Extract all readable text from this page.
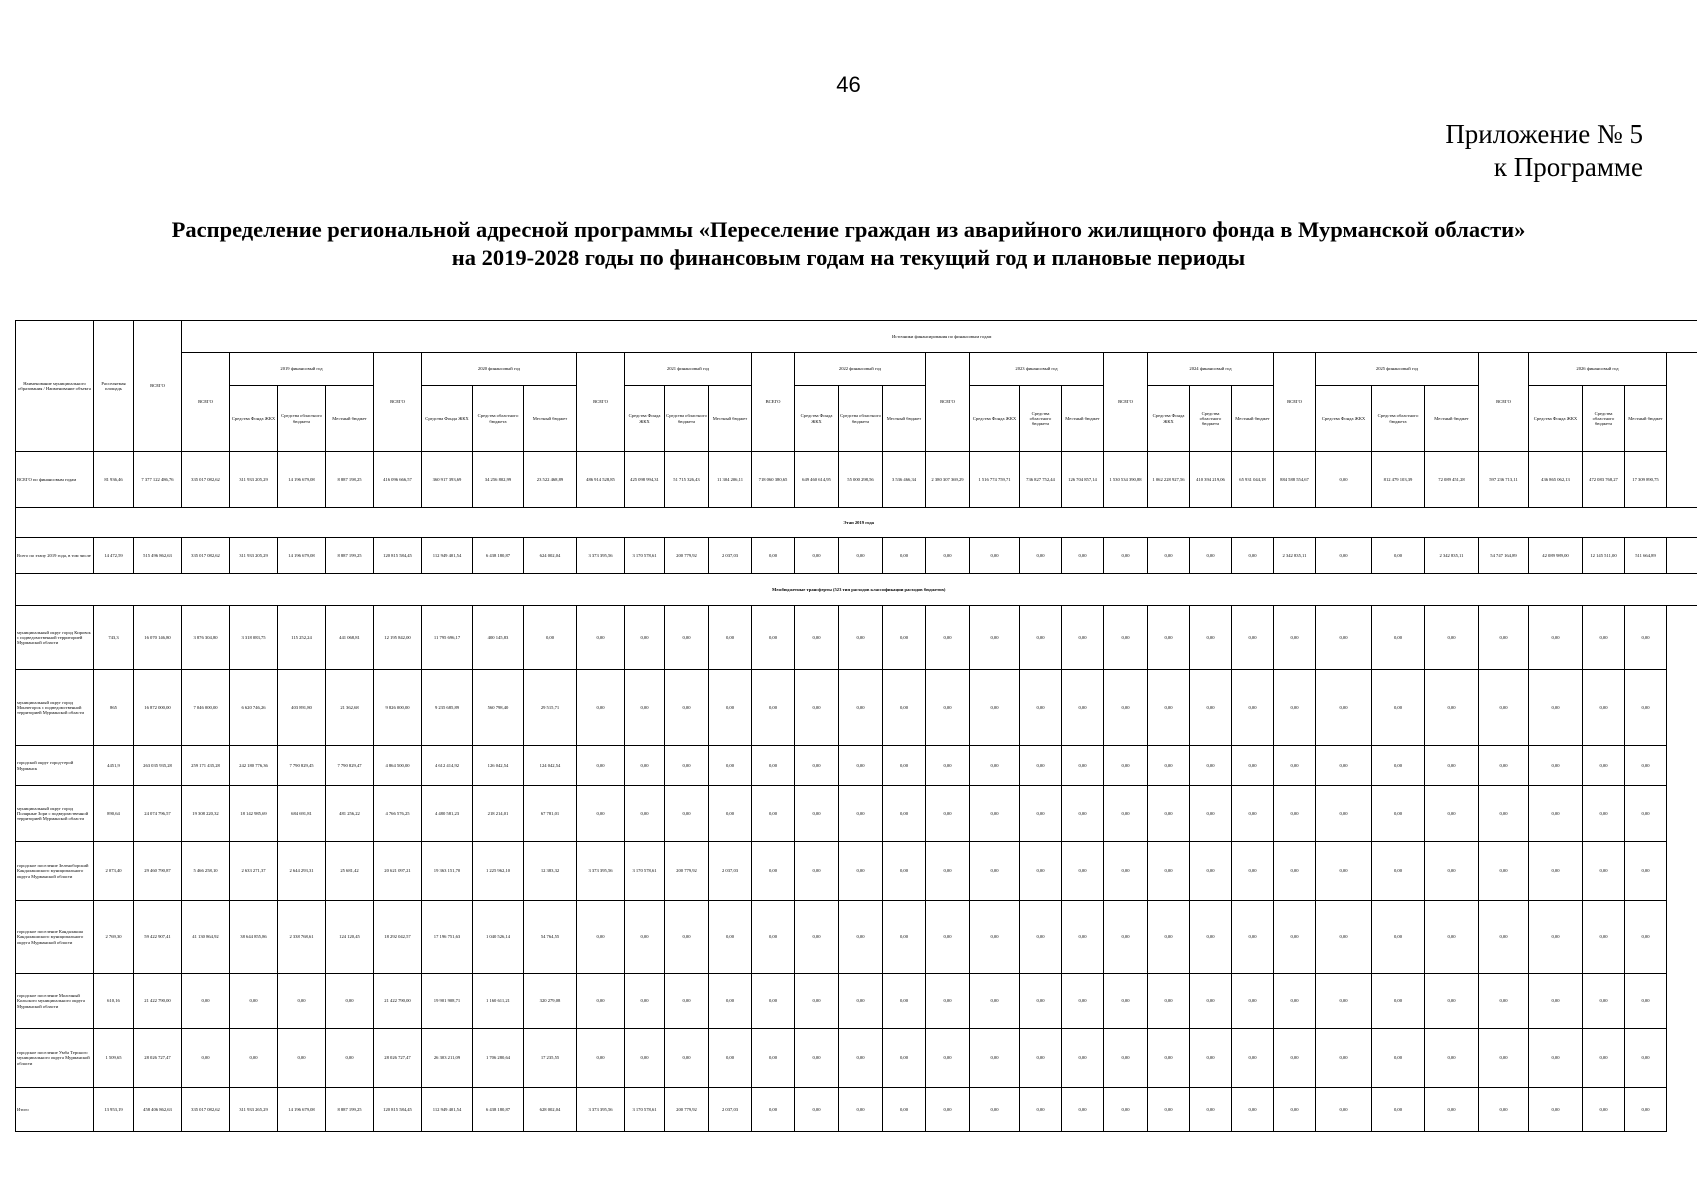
46
Приложение № 5
к Программе
Распределение региональной адресной программы «Переселение граждан из аварийного жилищного фонда в Мурманской области»
на 2019-2028 годы по финансовым годам на текущий год и плановые периоды
Наименование муниципального образования / Наименование объекта	Расселяемая площадь	ВСЕГО	Источники финансирования по финансовым годам																															
			ВСЕГО	2019 финансовый год			ВСЕГО	2020 финансовый год			ВСЕГО	2021 финансовый год			ВСЕГО	2022 финансовый год			ВСЕГО	2023 финансовый год			ВСЕГО	2024 финансовый год			ВСЕГО	2025 финансовый год			ВСЕГО	2026 финансовый год		
				Средства Фонда ЖКХ	Средства областного бюджета	Местный бюджет		Средства Фонда ЖКХ	Средства областного бюджета	Местный бюджет		Средства Фонда ЖКХ	Средства областного бюджета	Местный бюджет		Средства Фонда ЖКХ	Средства областного бюджета	Местный бюджет		Средства Фонда ЖКХ	Средства областного бюджета	Местный бюджет		Средства Фонда ЖКХ	Средства областного бюджета	Местный бюджет		Средства Фонда ЖКХ	Средства областного бюджета	Местный бюджет		Средства Фонда ЖКХ	Средства областного бюджета	Местный бюджет
ВСЕГО по финансовым годам	81 936,46	7 377 122 486,76	335 017 082,62	311 933 205,29	14 196 679,08	8 887 198,25	416 096 666,57	360 917 393,69	34 256 802,99	23 522 468,89	486 914 528,85	425 098 994,31	51 715 326,43	11 304 206,11	718 060 380,65	649 460 614,95	55 000 298,56	3 536 466,34	2 380 307 369,29	1 516 774 759,71	736 827 752,44	126 704 857,14	1 530 534 390,88	1 062 228 927,56	410 394 219,06	65 931 044,18	884 588 554,67	0,00	812 479 103,39	72 089 451,28	597 236 713,11	436 865 062,13	472 083 768,27	17 309 890,75
Этап 2019 года																																		
Всего по этапу 2019 года, в том числе	14 472,59	515 496 862,63	335 017 082,62	311 933 205,29	14 196 679,08	8 887 199,25	120 815 584,45	112 949 401,54	6 438 180,87	624 002,04	3 373 395,56	3 170 578,61	200 779,92	2 037,03	0,00	0,00	0,00	0,00	0,00	0,00	0,00	0,00	0,00	0,00	0,00	0,00	2 342 835,11	0,00	0,00	2 342 835,11	54 747 164,89	42 089 989,00	12 145 511,00	511 664,89
Межбюджетные трансферты (523 тип расходов классификации расходов бюджетов)																																		
муниципальный округ город Кировск с подведомственной территорией Мурманской области	743,3	16 070 146,80	3 876 304,80	3 318 083,75	115 252,24	441 068,81	12 195 842,00	11 795 696,17	400 145,83	0,00	0,00	0,00	0,00	0,00	0,00	0,00	0,00	0,00	0,00	0,00	0,00	0,00	0,00	0,00	0,00	0,00	0,00	0,00	0,00	0,00	0,00	0,00	0,00	0,00
муниципальный округ город Мончегорск с подведомственной территорией Мурманской области	865	16 872 000,00	7 046 000,00	6 620 746,26	403 891,80	21 362,68	9 826 000,00	9 235 685,89	560 798,40	29 515,71	0,00	0,00	0,00	0,00	0,00	0,00	0,00	0,00	0,00	0,00	0,00	0,00	0,00	0,00	0,00	0,00	0,00	0,00	0,00	0,00	0,00	0,00	0,00	0,00
городской округ город-герой Мурманск	4451,9	263 035 935,28	259 171 435,28	242 180 776,36	7 790 829,45	7 790 829,47	4 864 500,00	4 612 414,92	126 042,54	124 042,54	0,00	0,00	0,00	0,00	0,00	0,00	0,00	0,00	0,00	0,00	0,00	0,00	0,00	0,00	0,00	0,00	0,00	0,00	0,00	0,00	0,00	0,00	0,00	0,00
муниципальный округ город Полярные Зори с подведомственной территорией Мурманской области	890,64	24 074 796,57	19 308 220,32	18 142 985,69	684 691,81	481 256,22	4 766 576,25	4 480 581,23	218 214,01	67 781,01	0,00	0,00	0,00	0,00	0,00	0,00	0,00	0,00	0,00	0,00	0,00	0,00	0,00	0,00	0,00	0,00	0,00	0,00	0,00	0,00	0,00	0,00	0,00	0,00
городское поселение Зеленоборский Кандалакшского муниципального округа Мурманской области	2 073,40	29 460 790,87	5 466 258,10	2 633 271,37	2 644 293,31	25 681,42	20 621 097,21	19 363 151,70	1 225 962,10	12 383,32	3 373 395,56	3 170 578,61	200 779,92	2 037,03	0,00	0,00	0,00	0,00	0,00	0,00	0,00	0,00	0,00	0,00	0,00	0,00	0,00	0,00	0,00	0,00	0,00	0,00	0,00	0,00
городское поселение Кандалакша Кандалакшского муниципального округа Мурманской области	2 769,30	59 422 907,41	41 130 864,92	38 644 855,86	2 338 768,61	124 120,45	18 292 042,57	17 196 751,63	1 040 526,14	54 764,55	0,00	0,00	0,00	0,00	0,00	0,00	0,00	0,00	0,00	0,00	0,00	0,00	0,00	0,00	0,00	0,00	0,00	0,00	0,00	0,00	0,00	0,00	0,00	0,00
городское поселение Молочный Кольского муниципального округа Мурманской области	610,16	21 422 790,00	0,00	0,00	0,00	0,00	21 422 790,00	19 901 908,71	1 160 611,21	320 279,08	0,00	0,00	0,00	0,00	0,00	0,00	0,00	0,00	0,00	0,00	0,00	0,00	0,00	0,00	0,00	0,00	0,00	0,00	0,00	0,00	0,00	0,00	0,00	0,00
городское поселение Умба Терского муниципального округа Мурманской области	1 509,65	28 026 727,47	0,00	0,00	0,00	0,00	28 026 727,47	26 303 211,09	1 706 280,64	17 235,55	0,00	0,00	0,00	0,00	0,00	0,00	0,00	0,00	0,00	0,00	0,00	0,00	0,00	0,00	0,00	0,00	0,00	0,00	0,00	0,00	0,00	0,00	0,00	0,00
Итого	13 953,19	458 406 862,63	335 017 082,62	311 933 265,29	14 196 679,08	8 887 199,25	120 815 584,45	112 949 401,54	6 438 180,87	628 002,04	3 373 395,56	3 170 578,61	200 779,92	2 037,03	0,00	0,00	0,00	0,00	0,00	0,00	0,00	0,00	0,00	0,00	0,00	0,00	0,00	0,00	0,00	0,00	0,00	0,00	0,00	0,00
